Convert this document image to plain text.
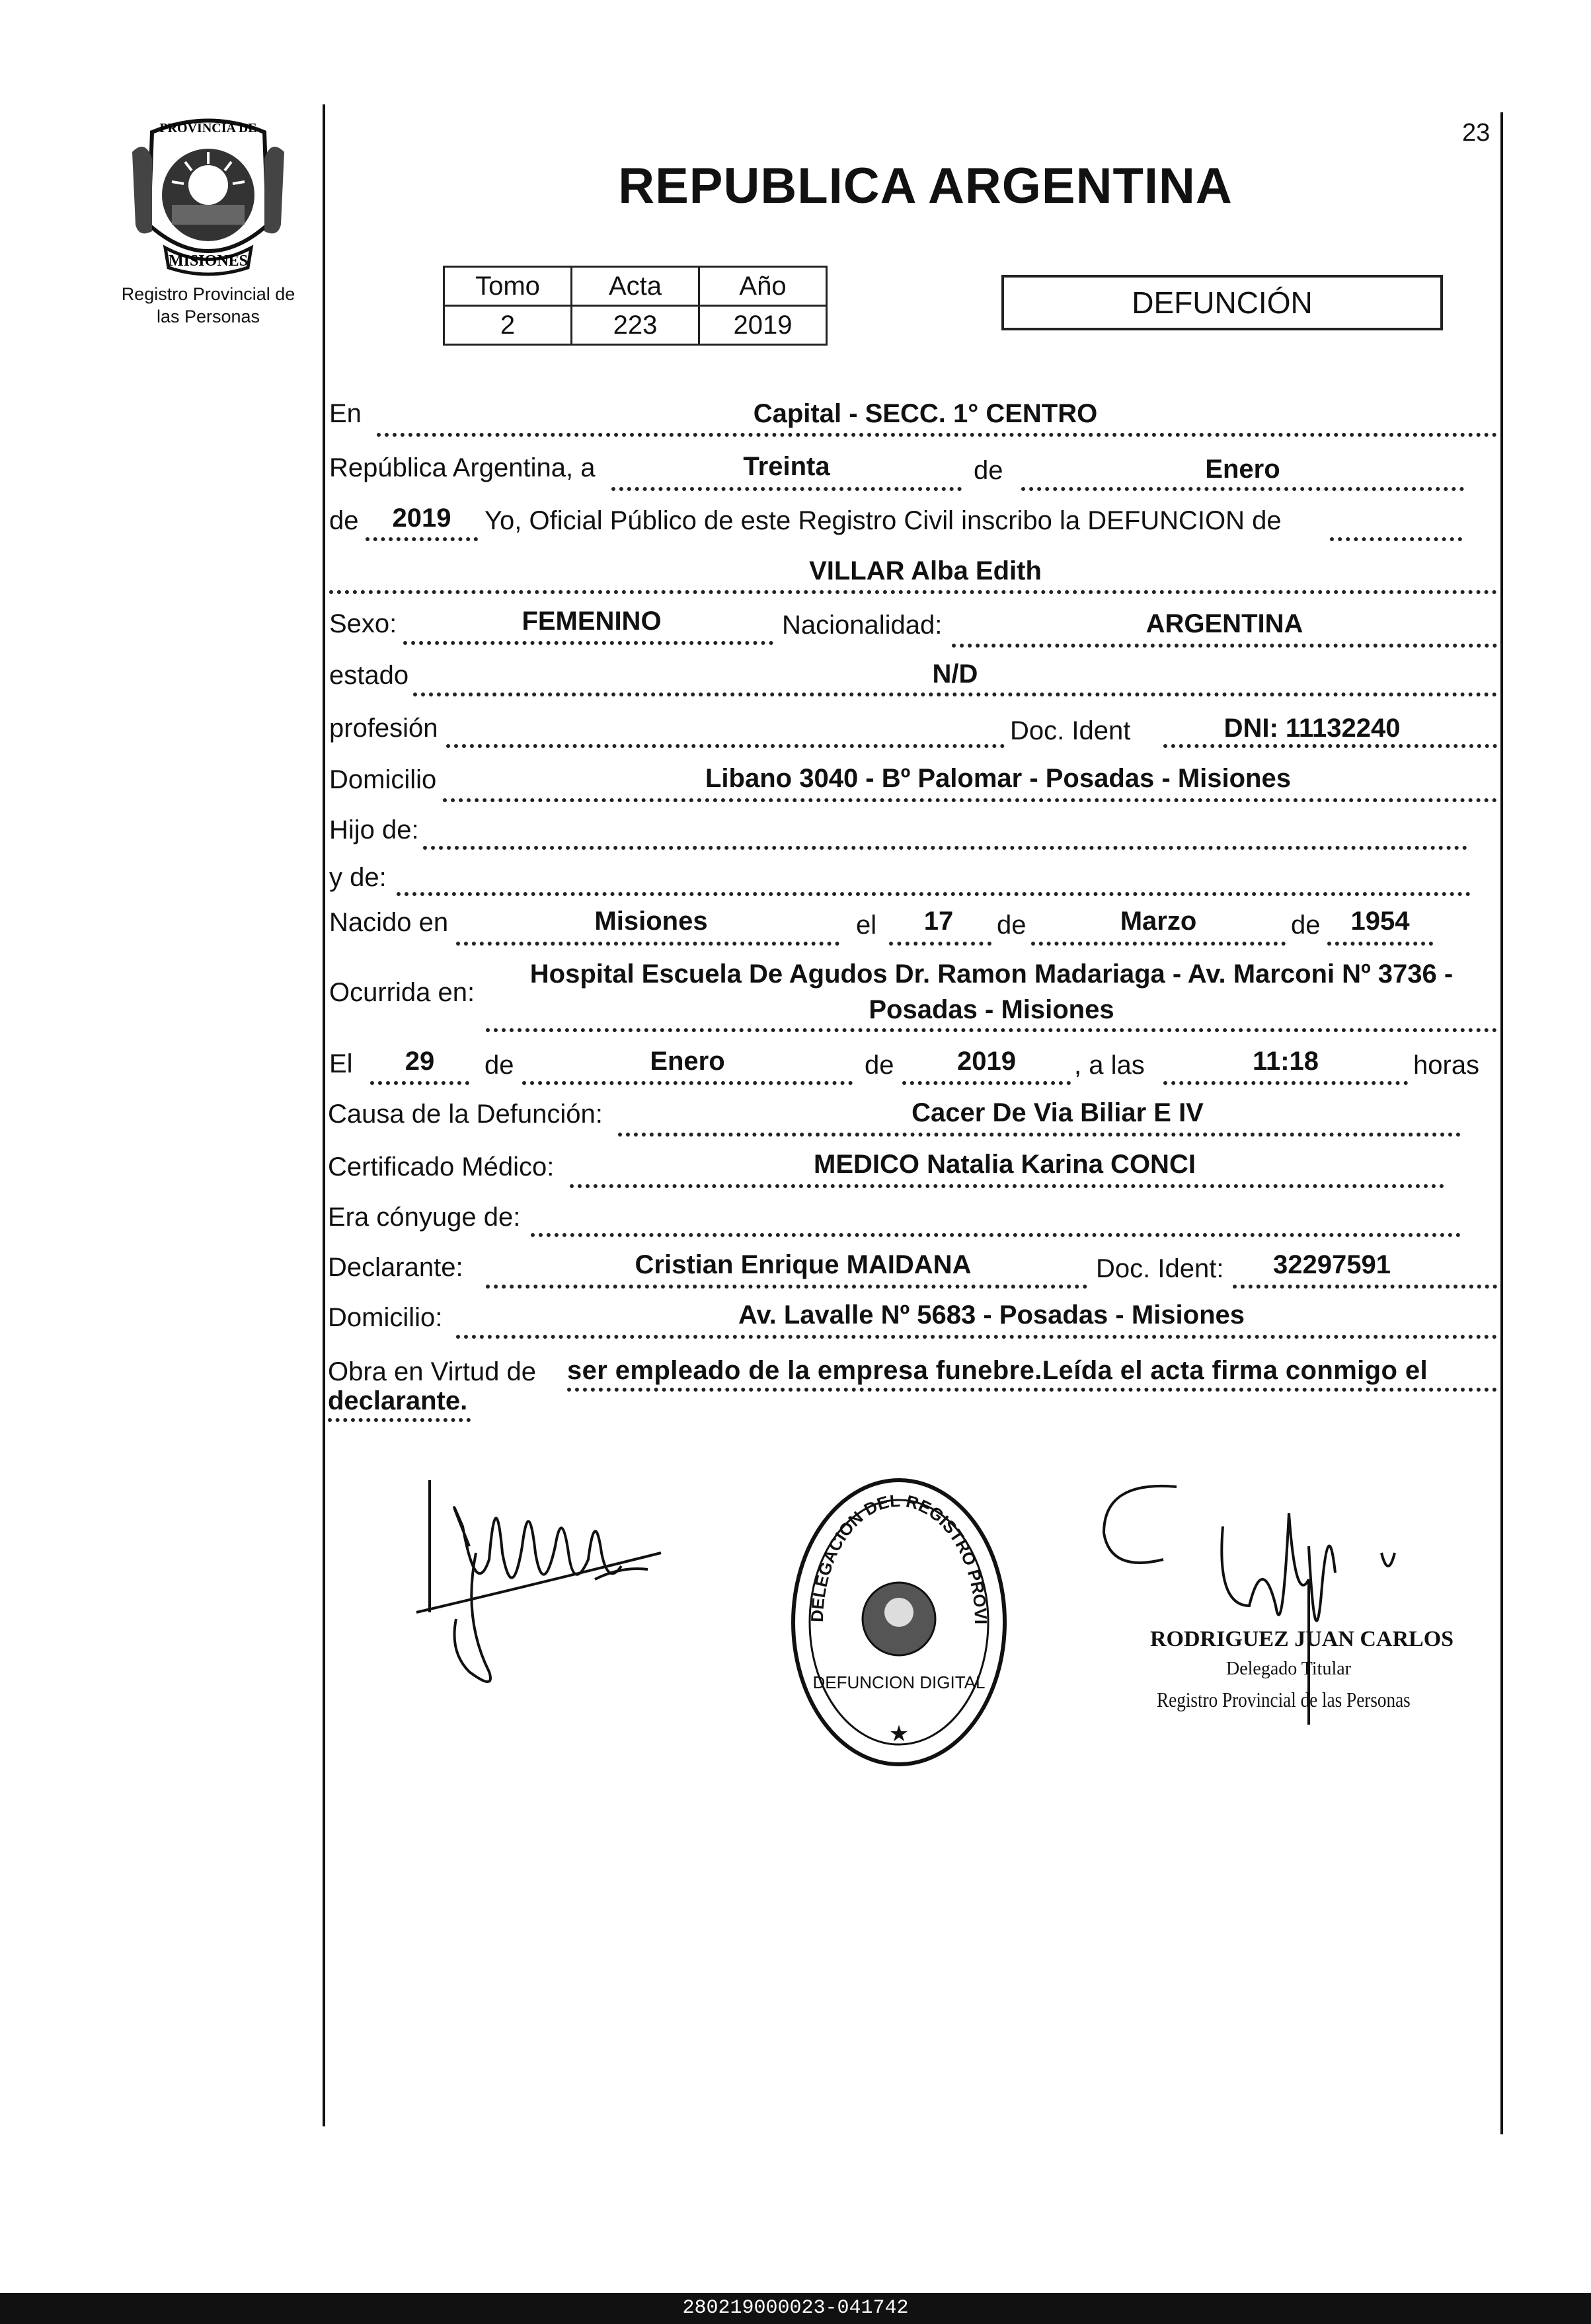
MISIONES
PROVINCIA DE
Registro Provincial de
las Personas
23
REPUBLICA ARGENTINA
Tomo	Acta	Año
2	223	2019
DEFUNCIÓN
En	Capital - SECC. 1° CENTRO
República Argentina, a	Treinta	de	Enero
de	2019	Yo, Oficial Público de este Registro Civil inscribo la DEFUNCION de
VILLAR Alba Edith
Sexo:	FEMENINO	Nacionalidad:	ARGENTINA
estado	N/D
profesión	Doc. Ident	DNI: 11132240
Domicilio	Libano 3040 - Bº Palomar - Posadas - Misiones
Hijo de:
y de:
Nacido en	Misiones	el	17	de	Marzo	de	1954
Ocurrida en:
Hospital Escuela De Agudos Dr. Ramon Madariaga - Av. Marconi Nº 3736 -
Posadas - Misiones
El	29	de	Enero	de	2019	, a las	11:18	horas
Causa de la Defunción:	Cacer De Via Biliar E IV
Certificado Médico:	MEDICO Natalia Karina CONCI
Era cónyuge de:
Declarante:	Cristian Enrique MAIDANA	Doc. Ident:	32297591
Domicilio:	Av. Lavalle Nº 5683 - Posadas - Misiones
Obra en Virtud de ser empleado de la empresa funebre.Leída el acta firma conmigo el
declarante.
DELEGACION DEL REGISTRO PROVI
DEFUNCION DIGITAL
★
RODRIGUEZ JUAN CARLOS
Delegado Titular
Registro Provincial de las Personas
280219000023-041742
